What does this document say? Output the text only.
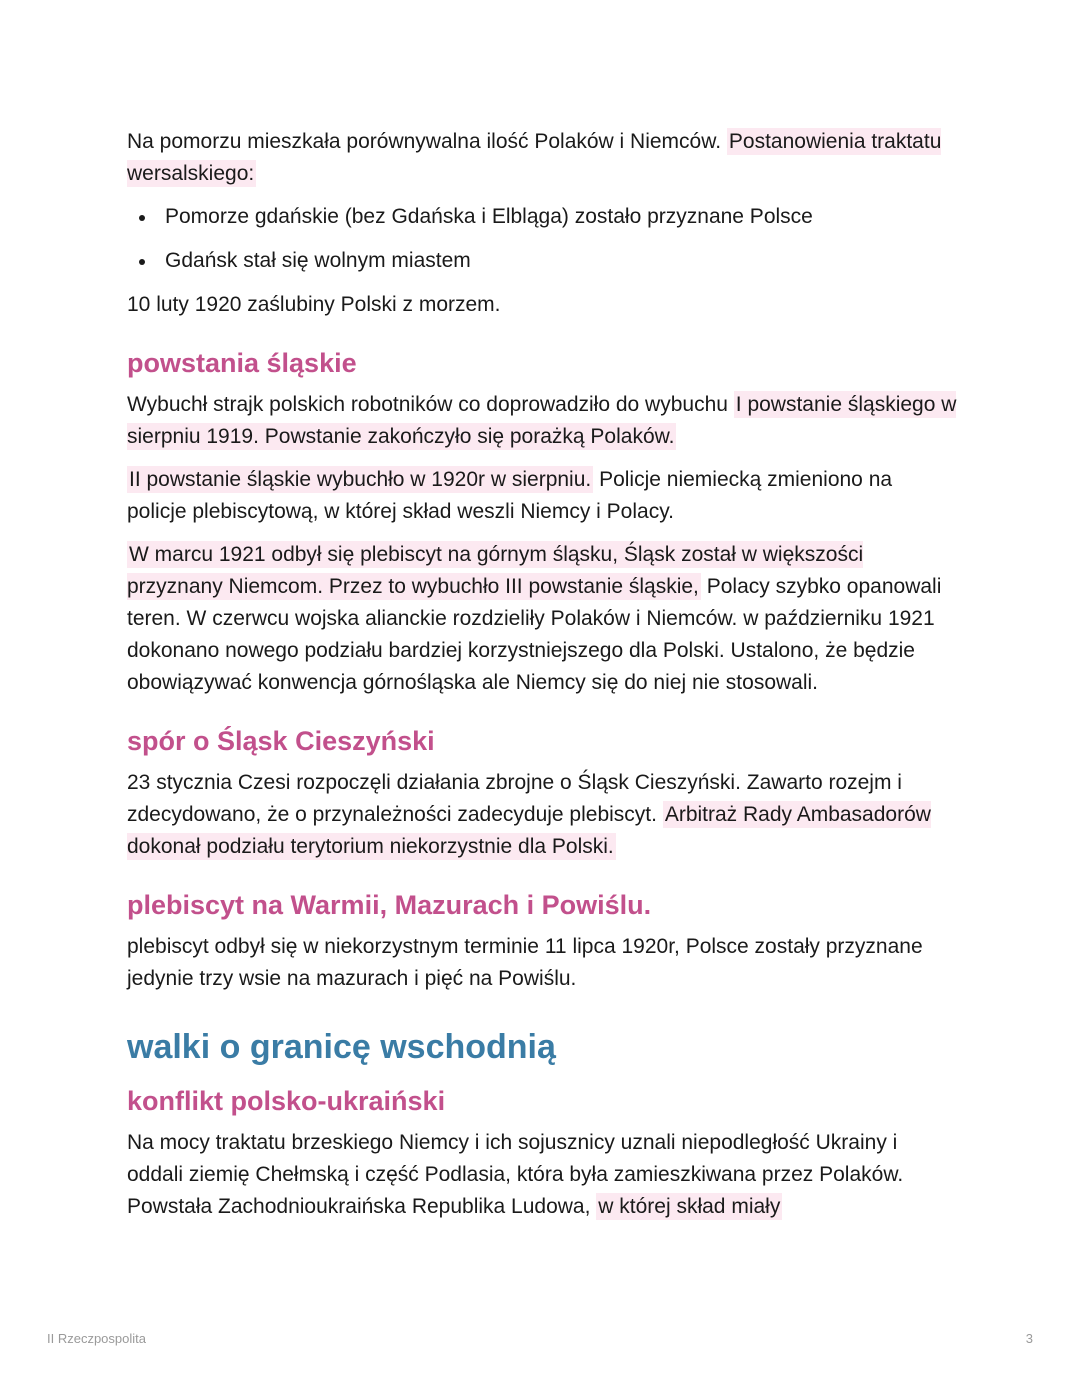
Na pomorzu mieszkała porównywalna ilość Polaków i Niemców. Postanowienia traktatu wersalskiego:

Pomorze gdańskie (bez Gdańska i Elbląga) zostało przyznane Polsce
Gdańsk stał się wolnym miastem

10 luty 1920 zaślubiny Polski z morzem.

powstania śląskie

Wybuchł strajk polskich robotników co doprowadziło do wybuchu I powstanie śląskiego w sierpniu 1919. Powstanie zakończyło się porażką Polaków.

II powstanie śląskie wybuchło w 1920r w sierpniu. Policje niemiecką zmieniono na policje plebiscytową, w której skład weszli Niemcy i Polacy.

W marcu 1921 odbył się plebiscyt na górnym śląsku, Śląsk został w większości przyznany Niemcom. Przez to wybuchło III powstanie śląskie, Polacy szybko opanowali teren. W czerwcu wojska alianckie rozdzieliły Polaków i Niemców. w październiku 1921 dokonano nowego podziału bardziej korzystniejszego dla Polski. Ustalono, że będzie obowiązywać konwencja górnośląska ale Niemcy się do niej nie stosowali.

spór o Śląsk Cieszyński

23 stycznia Czesi rozpoczęli działania zbrojne o Śląsk Cieszyński. Zawarto rozejm i zdecydowano, że o przynależności zadecyduje plebiscyt. Arbitraż Rady Ambasadorów dokonał podziału terytorium niekorzystnie dla Polski.

plebiscyt na Warmii, Mazurach i Powiślu.

plebiscyt odbył się w niekorzystnym terminie 11 lipca 1920r, Polsce zostały przyznane jedynie trzy wsie na mazurach i pięć na Powiślu.

walki o granicę wschodnią
konflikt polsko-ukraiński

Na mocy traktatu brzeskiego Niemcy i ich sojusznicy uznali niepodległość Ukrainy i oddali ziemię Chełmską i część Podlasia, która była zamieszkiwana przez Polaków. Powstała Zachodnioukraińska Republika Ludowa, w której skład miały

II Rzeczpospolita	3
